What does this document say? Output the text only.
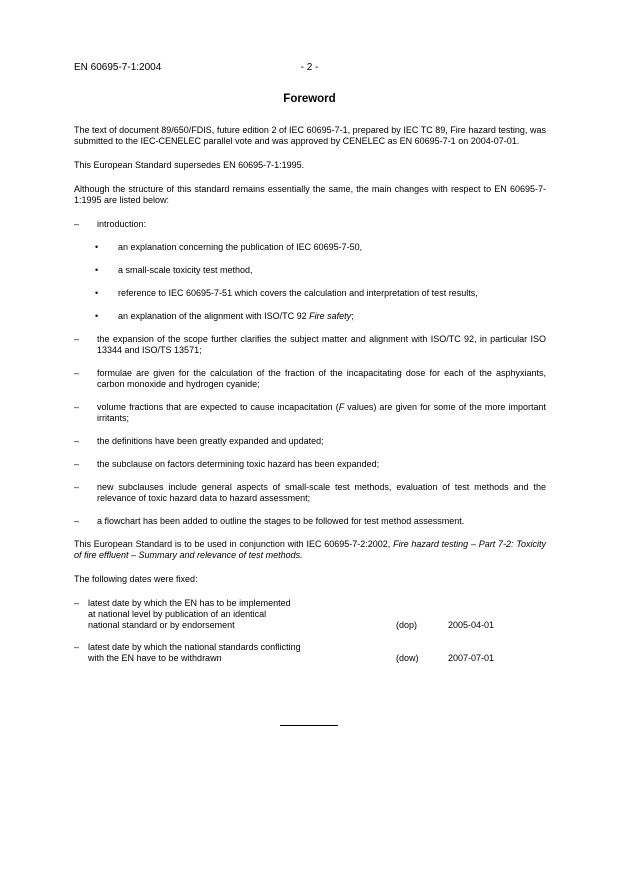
EN 60695-7-1:2004	- 2 -
Foreword

The text of document 89/650/FDIS, future edition 2 of IEC 60695-7-1, prepared by IEC TC 89, Fire hazard testing, was submitted to the IEC-CENELEC parallel vote and was approved by CENELEC as EN 60695-7-1 on 2004-07-01.

This European Standard supersedes EN 60695-7-1:1995.

Although the structure of this standard remains essentially the same, the main changes with respect to EN 60695-7-1:1995 are listed below:

– introduction:
• an explanation concerning the publication of IEC 60695-7-50,
• a small-scale toxicity test method,
• reference to IEC 60695-7-51 which covers the calculation and interpretation of test results,
• an explanation of the alignment with ISO/TC 92 Fire safety;
– the expansion of the scope further clarifies the subject matter and alignment with ISO/TC 92, in particular ISO 13344 and ISO/TS 13571;
– formulae are given for the calculation of the fraction of the incapacitating dose for each of the asphyxiants, carbon monoxide and hydrogen cyanide;
– volume fractions that are expected to cause incapacitation (F values) are given for some of the more important irritants;
– the definitions have been greatly expanded and updated;
– the subclause on factors determining toxic hazard has been expanded;
– new subclauses include general aspects of small-scale test methods, evaluation of test methods and the relevance of toxic hazard data to hazard assessment;
– a flowchart has been added to outline the stages to be followed for test method assessment.

This European Standard is to be used in conjunction with IEC 60695-7-2:2002, Fire hazard testing – Part 7-2: Toxicity of fire effluent – Summary and relevance of test methods.

The following dates were fixed:

– latest date by which the EN has to be implemented
at national level by publication of an identical
national standard or by endorsement	(dop)	2005-04-01
– latest date by which the national standards conflicting
with the EN have to be withdrawn	(dow)	2007-07-01
